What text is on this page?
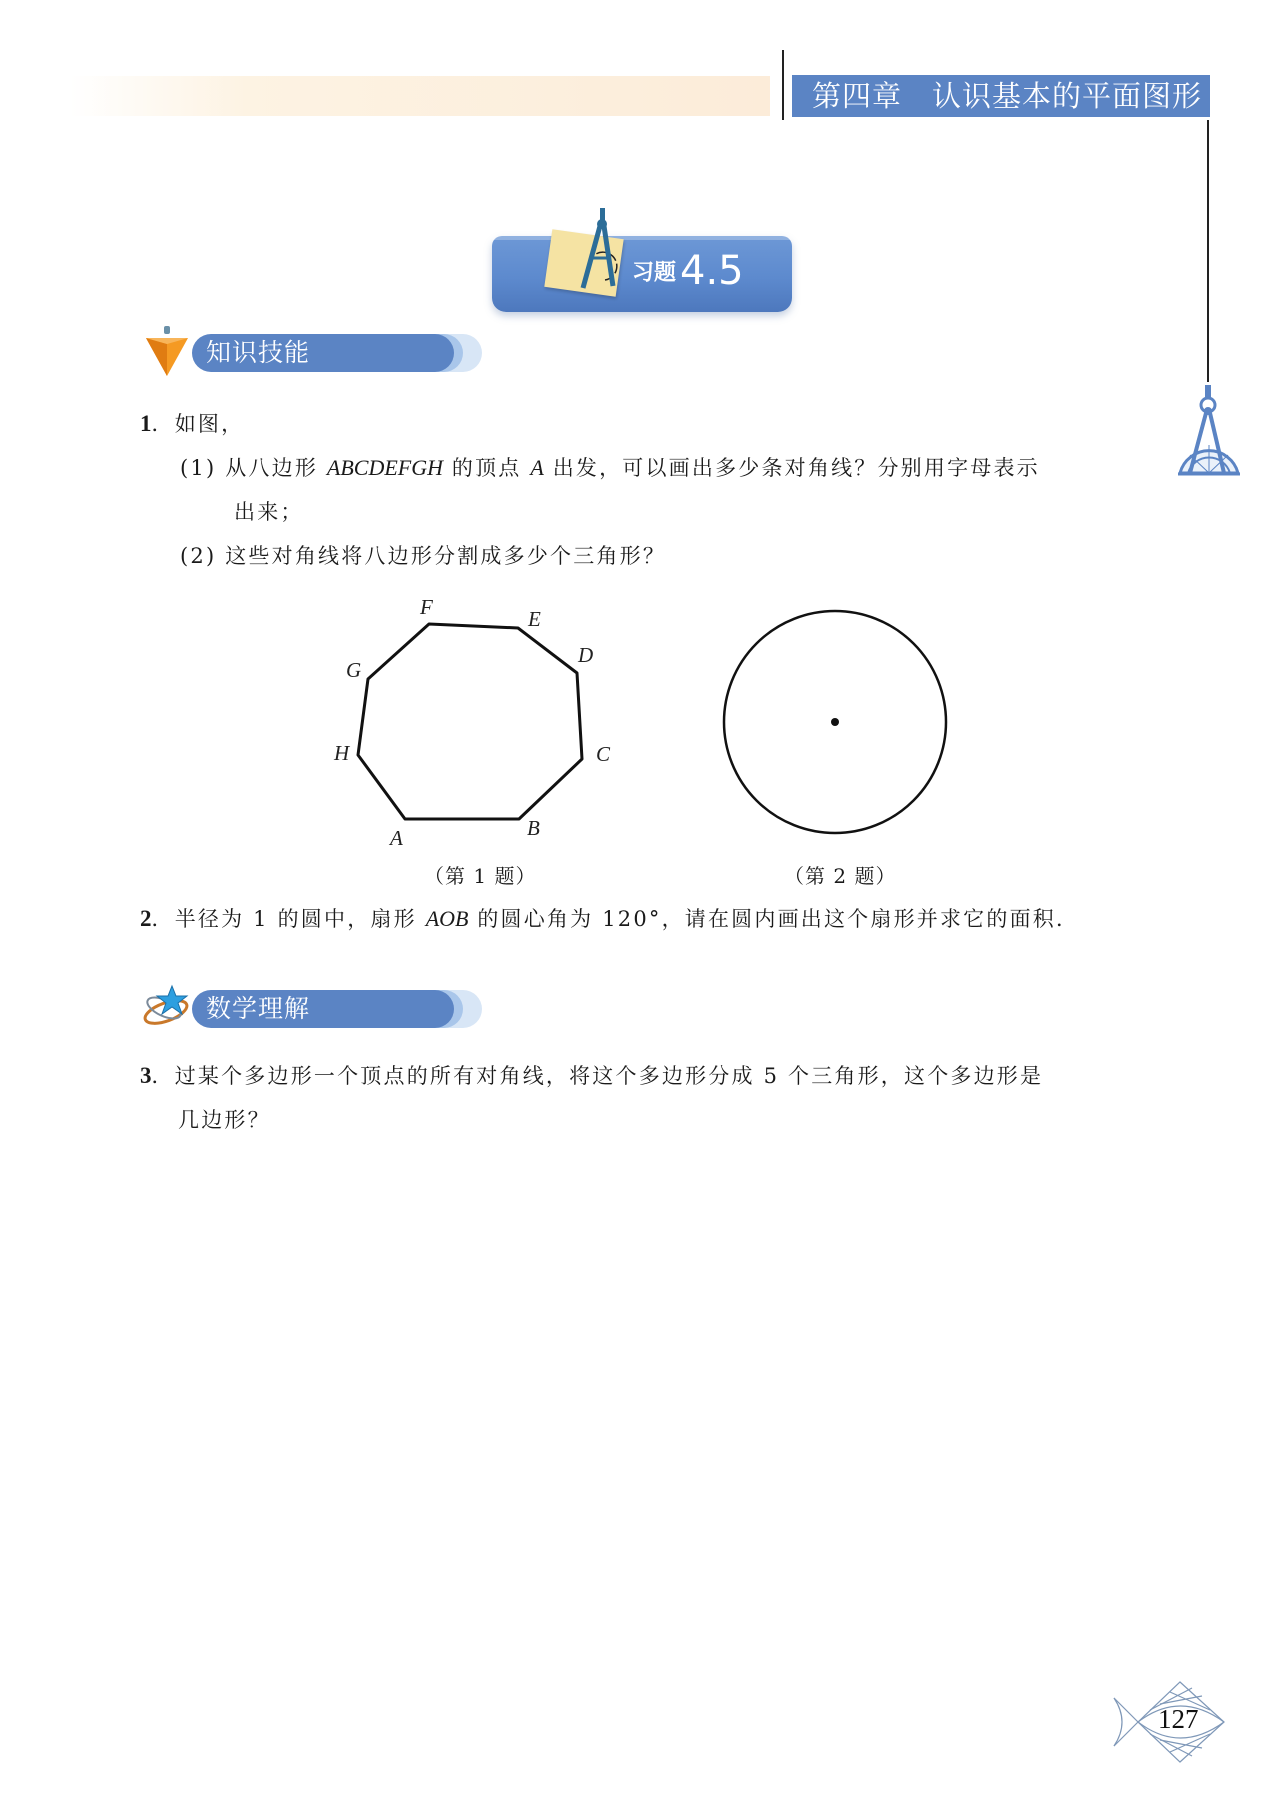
第四章　认识基本的平面图形
习题 4.5
知识技能
1．如图，
(1) 从八边形 ABCDEFGH 的顶点 A 出发，可以画出多少条对角线？分别用字母表示
出来；
(2) 这些对角线将八边形分割成多少个三角形？
A	B
C
D
E
F
G
H
（第 1 题）	（第 2 题）
2．半径为 1 的圆中，扇形 AOB 的圆心角为 120°，请在圆内画出这个扇形并求它的面积．
数学理解
3．过某个多边形一个顶点的所有对角线，将这个多边形分成 5 个三角形，这个多边形是
几边形？
127
